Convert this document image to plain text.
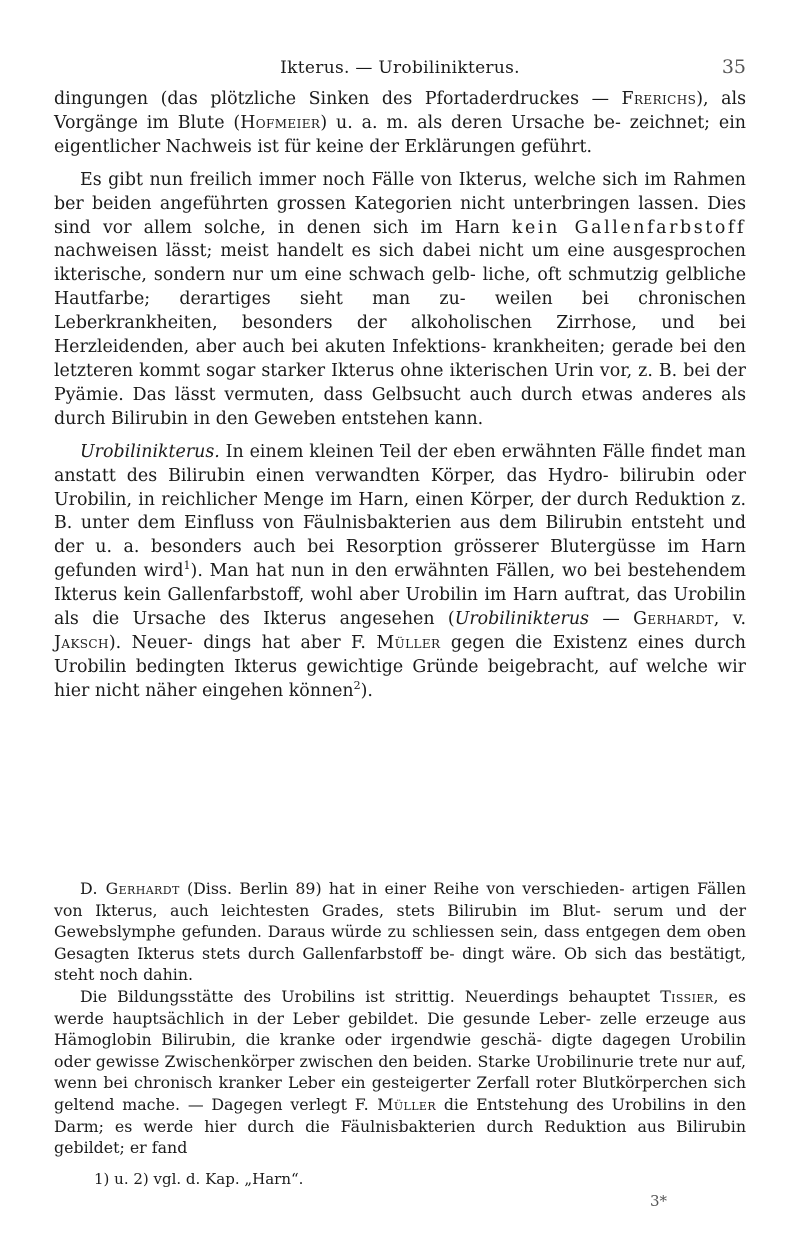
Ikterus. — Urobilinikterus.	35

dingungen (das plötzliche Sinken des Pfortaderdruckes — Frerichs), als Vorgänge im Blute (Hofmeier) u. a. m. als deren Ursache be- zeichnet; ein eigentlicher Nachweis ist für keine der Erklärungen geführt.

Es gibt nun freilich immer noch Fälle von Ikterus, welche sich im Rahmen ber beiden angeführten grossen Kategorien nicht unterbringen lassen. Dies sind vor allem solche, in denen sich im Harn kein Gallenfarbstoff nachweisen lässt; meist handelt es sich dabei nicht um eine ausgesprochen ikterische, sondern nur um eine schwach gelb- liche, oft schmutzig gelbliche Hautfarbe; derartiges sieht man zu- weilen bei chronischen Leberkrankheiten, besonders der alkoholischen Zirrhose, und bei Herzleidenden, aber auch bei akuten Infektions- krankheiten; gerade bei den letzteren kommt sogar starker Ikterus ohne ikterischen Urin vor, z. B. bei der Pyämie. Das lässt vermuten, dass Gelbsucht auch durch etwas anderes als durch Bilirubin in den Geweben entstehen kann.

Urobilinikterus. In einem kleinen Teil der eben erwähnten Fälle findet man anstatt des Bilirubin einen verwandten Körper, das Hydro- bilirubin oder Urobilin, in reichlicher Menge im Harn, einen Körper, der durch Reduktion z. B. unter dem Einfluss von Fäulnisbakterien aus dem Bilirubin entsteht und der u. a. besonders auch bei Resorption grösserer Blutergüsse im Harn gefunden wird$^1$). Man hat nun in den erwähnten Fällen, wo bei bestehendem Ikterus kein Gallenfarbstoff, wohl aber Urobilin im Harn auftrat, das Urobilin als die Ursache des Ikterus angesehen (Urobilinikterus — Gerhardt, v. Jaksch). Neuer- dings hat aber F. Müller gegen die Existenz eines durch Urobilin bedingten Ikterus gewichtige Gründe beigebracht, auf welche wir hier nicht näher eingehen können$^2$).

D. Gerhardt (Diss. Berlin 89) hat in einer Reihe von verschieden- artigen Fällen von Ikterus, auch leichtesten Grades, stets Bilirubin im Blut- serum und der Gewebslymphe gefunden. Daraus würde zu schliessen sein, dass entgegen dem oben Gesagten Ikterus stets durch Gallenfarbstoff be- dingt wäre. Ob sich das bestätigt, steht noch dahin.

Die Bildungsstätte des Urobilins ist strittig. Neuerdings behauptet Tissier, es werde hauptsächlich in der Leber gebildet. Die gesunde Leber- zelle erzeuge aus Hämoglobin Bilirubin, die kranke oder irgendwie geschä- digte dagegen Urobilin oder gewisse Zwischenkörper zwischen den beiden. Starke Urobilinurie trete nur auf, wenn bei chronisch kranker Leber ein gesteigerter Zerfall roter Blutkörperchen sich geltend mache. — Dagegen verlegt F. Müller die Entstehung des Urobilins in den Darm; es werde hier durch die Fäulnisbakterien durch Reduktion aus Bilirubin gebildet; er fand

1) u. 2) vgl. d. Kap. „Harn“.
3*
